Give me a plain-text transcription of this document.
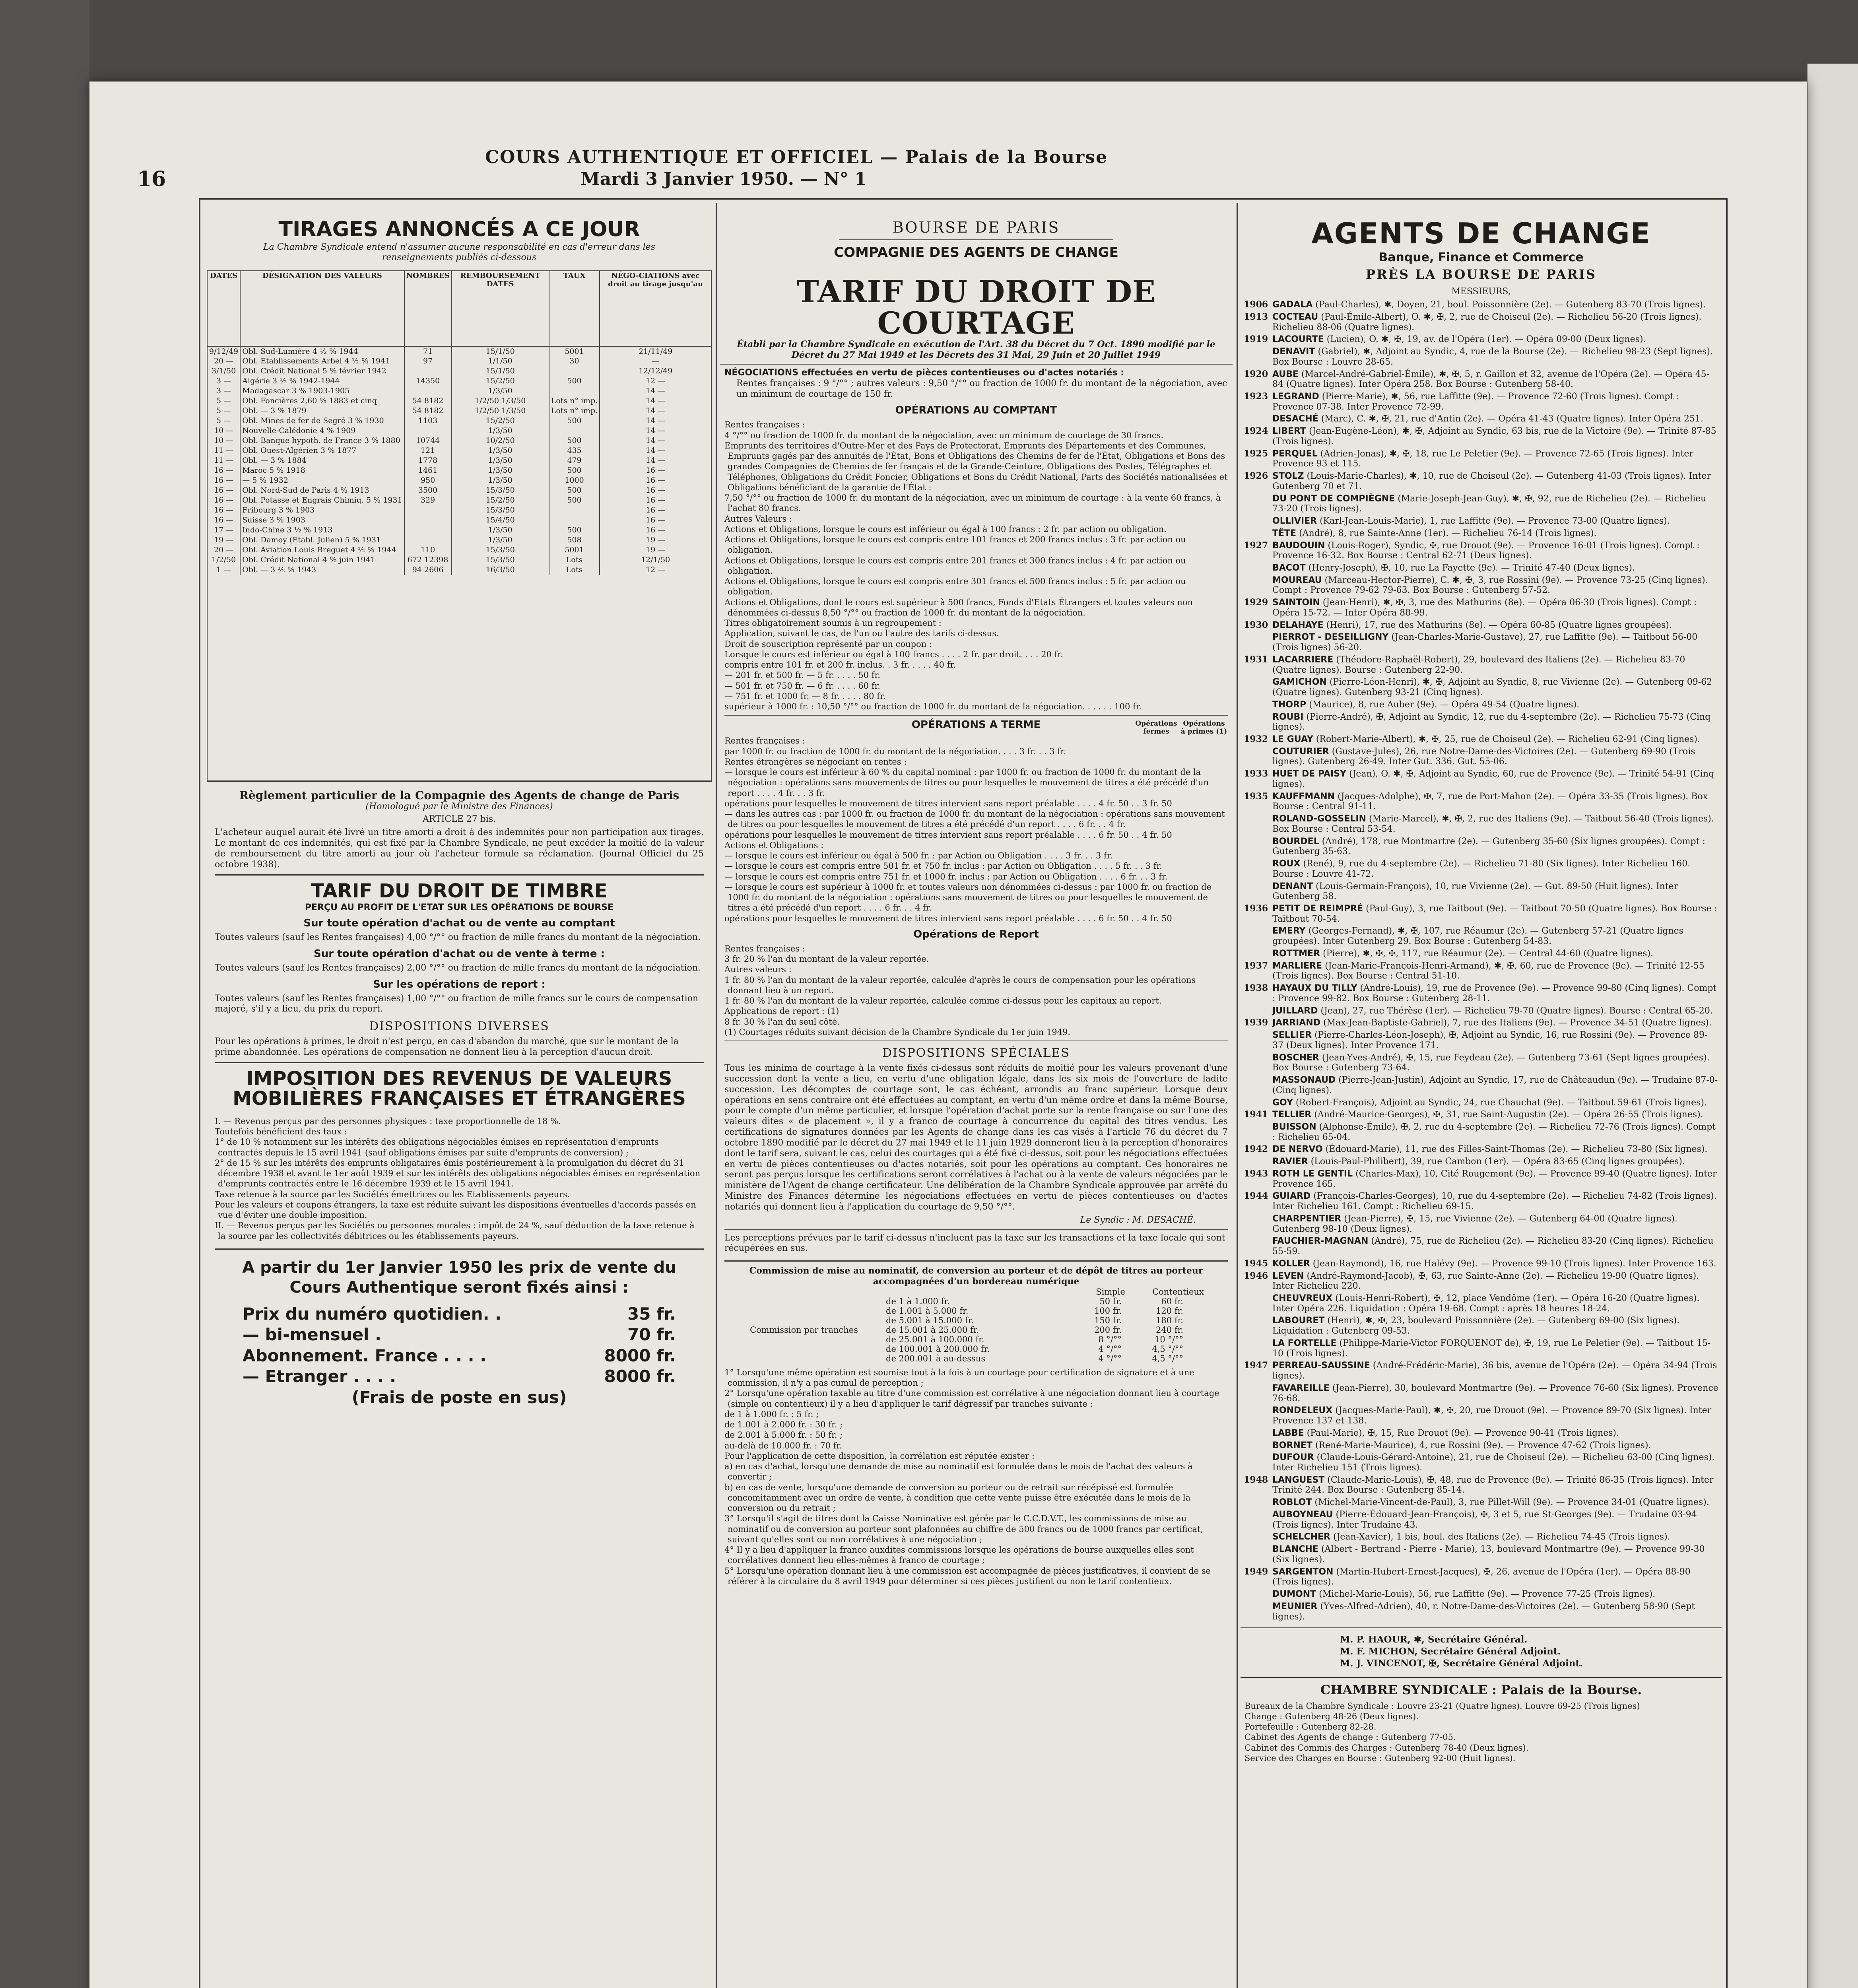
16
COURS AUTHENTIQUE ET OFFICIEL — Palais de la Bourse
Mardi 3 Janvier 1950. — N° 1
TIRAGES ANNONCÉS A CE JOUR
La Chambre Syndicale entend n'assumer aucune responsabilité en cas d'erreur dans les renseignements publiés ci-dessous
DATES	DÉSIGNATION DES VALEURS	NOMBRES	REMBOURSEMENT DATES	TAUX	NÉGO-CIATIONS avec droit au tirage jusqu'au
9/12/49	Obl. Sud-Lumière 4 ½ % 1944	71	15/1/50	5001	21/11/49
20 —	Obl. Etablissements Arbel 4 ½ % 1941	97	1/1/50	30	—
3/1/50	Obl. Crédit National 5 % février 1942		15/1/50		12/12/49
3 —	Algérie 3 ½ % 1942-1944	14350	15/2/50	500	12 —
3 —	Madagascar 3 % 1903-1905		1/3/50		14 —
5 —	Obl. Foncières 2,60 % 1883 et cinq	54 8182	1/2/50 1/3/50	Lots n° imp.	14 —
5 —	Obl. — 3 % 1879	54 8182	1/2/50 1/3/50	Lots n° imp.	14 —
5 —	Obl. Mines de fer de Segré 3 % 1930	1103	15/2/50	500	14 —
10 —	Nouvelle-Calédonie 4 % 1909		1/3/50		14 —
10 —	Obl. Banque hypoth. de France 3 % 1880	10744	10/2/50	500	14 —
11 —	Obl. Ouest-Algérien 3 % 1877	121	1/3/50	435	14 —
11 —	Obl. — 3 % 1884	1778	1/3/50	479	14 —
16 —	Maroc 5 % 1918	1461	1/3/50	500	16 —
16 —	— 5 % 1932	950	1/3/50	1000	16 —
16 —	Obl. Nord-Sud de Paris 4 % 1913	3500	15/3/50	500	16 —
16 —	Obl. Potasse et Engrais Chimiq. 5 % 1931	329	15/2/50	500	16 —
16 —	Fribourg 3 % 1903		15/3/50		16 —
16 —	Suisse 3 % 1903		15/4/50		16 —
17 —	Indo-Chine 3 ½ % 1913		1/3/50	500	16 —
19 —	Obl. Damoy (Etabl. Julien) 5 % 1931		1/3/50	508	19 —
20 —	Obl. Aviation Louis Breguet 4 ½ % 1944	110	15/3/50	5001	19 —
1/2/50	Obl. Crédit National 4 % juin 1941	672 12398	15/3/50	Lots	12/1/50
1 —	Obl. — 3 ½ % 1943	94 2606	16/3/50	Lots	12 —
Règlement particulier de la Compagnie des Agents de change de Paris
(Homologué par le Ministre des Finances)
ARTICLE 27 bis.
L'acheteur auquel aurait été livré un titre amorti a droit à des indemnités pour non participation aux tirages. Le montant de ces indemnités, qui est fixé par la Chambre Syndicale, ne peut excéder la moitié de la valeur de remboursement du titre amorti au jour où l'acheteur formule sa réclamation. (Journal Officiel du 25 octobre 1938).
TARIF DU DROIT DE TIMBRE
PERÇU AU PROFIT DE L'ETAT SUR LES OPÉRATIONS DE BOURSE
Sur toute opération d'achat ou de vente au comptant
Toutes valeurs (sauf les Rentes françaises) 4,00 °/°° ou fraction de mille francs du montant de la négociation.
Sur toute opération d'achat ou de vente à terme :
Toutes valeurs (sauf les Rentes françaises) 2,00 °/°° ou fraction de mille francs du montant de la négociation.
Sur les opérations de report :
Toutes valeurs (sauf les Rentes françaises) 1,00 °/°° ou fraction de mille francs sur le cours de compensation majoré, s'il y a lieu, du prix du report.
DISPOSITIONS DIVERSES
Pour les opérations à primes, le droit n'est perçu, en cas d'abandon du marché, que sur le montant de la prime abandonnée. Les opérations de compensation ne donnent lieu à la perception d'aucun droit.
IMPOSITION DES REVENUS DE VALEURS MOBILIÈRES FRANÇAISES ET ÉTRANGÈRES
I. — Revenus perçus par des personnes physiques : taxe proportionnelle de 18 %.
Toutefois bénéficient des taux :
1° de 10 % notamment sur les intérêts des obligations négociables émises en représentation d'emprunts contractés depuis le 15 avril 1941 (sauf obligations émises par suite d'emprunts de conversion) ;
2° de 15 % sur les intérêts des emprunts obligataires émis postérieurement à la promulgation du décret du 31 décembre 1938 et avant le 1er août 1939 et sur les intérêts des obligations négociables émises en représentation d'emprunts contractés entre le 16 décembre 1939 et le 15 avril 1941.
Taxe retenue à la source par les Sociétés émettrices ou les Etablissements payeurs.
Pour les valeurs et coupons étrangers, la taxe est réduite suivant les dispositions éventuelles d'accords passés en vue d'éviter une double imposition.
II. — Revenus perçus par les Sociétés ou personnes morales : impôt de 24 %, sauf déduction de la taxe retenue à la source par les collectivités débitrices ou les établissements payeurs.
A partir du 1er Janvier 1950 les prix de vente du Cours Authentique seront fixés ainsi :
Prix du numéro quotidien. .	35 fr.
— bi-mensuel .	70 fr.
Abonnement. France . . . .	8000 fr.
— Etranger . . . .	8000 fr.
(Frais de poste en sus)
BOURSE DE PARIS
COMPAGNIE DES AGENTS DE CHANGE
TARIF DU DROIT DE COURTAGE
Établi par la Chambre Syndicale en exécution de l'Art. 38 du Décret du 7 Oct. 1890 modifié par le Décret du 27 Mai 1949 et les Décrets des 31 Mai, 29 Juin et 20 Juillet 1949
NÉGOCIATIONS effectuées en vertu de pièces contentieuses ou d'actes notariés :
Rentes françaises : 9 °/°° ; autres valeurs : 9,50 °/°° ou fraction de 1000 fr. du montant de la négociation, avec un minimum de courtage de 150 fr.
OPÉRATIONS AU COMPTANT
Rentes françaises :
4 °/°° ou fraction de 1000 fr. du montant de la négociation, avec un minimum de courtage de 30 francs.
Emprunts des territoires d'Outre-Mer et des Pays de Protectorat, Emprunts des Départements et des Communes, Emprunts gagés par des annuités de l'État, Bons et Obligations des Chemins de fer de l'État, Obligations et Bons des grandes Compagnies de Chemins de fer français et de la Grande-Ceinture, Obligations des Postes, Télégraphes et Téléphones, Obligations du Crédit Foncier, Obligations et Bons du Crédit National, Parts des Sociétés nationalisées et Obligations bénéficiant de la garantie de l'État :
7,50 °/°° ou fraction de 1000 fr. du montant de la négociation, avec un minimum de courtage : à la vente 60 francs, à l'achat 80 francs.
Autres Valeurs :
Actions et Obligations, lorsque le cours est inférieur ou égal à 100 francs : 2 fr. par action ou obligation.
Actions et Obligations, lorsque le cours est compris entre 101 francs et 200 francs inclus : 3 fr. par action ou obligation.
Actions et Obligations, lorsque le cours est compris entre 201 francs et 300 francs inclus : 4 fr. par action ou obligation.
Actions et Obligations, lorsque le cours est compris entre 301 francs et 500 francs inclus : 5 fr. par action ou obligation.
Actions et Obligations, dont le cours est supérieur à 500 francs, Fonds d'Etats Étrangers et toutes valeurs non dénommées ci-dessus 8,50 °/°° ou fraction de 1000 fr. du montant de la négociation.
Titres obligatoirement soumis à un regroupement :
Application, suivant le cas, de l'un ou l'autre des tarifs ci-dessus.
Droit de souscription représenté par un coupon :
Lorsque le cours est inférieur ou égal à 100 francs . . . . 2 fr. par droit. . . . 20 fr.
compris entre 101 fr. et 200 fr. inclus. . 3 fr. . . . . 40 fr.
— 201 fr. et 500 fr. — 5 fr. . . . . 50 fr.
— 501 fr. et 750 fr. — 6 fr. . . . . 60 fr.
— 751 fr. et 1000 fr. — 8 fr. . . . . 80 fr.
supérieur à 1000 fr. : 10,50 °/°° ou fraction de 1000 fr. du montant de la négociation. . . . . . 100 fr.
OPÉRATIONS A TERME	Opérations fermesOpérations à primes (1)
Rentes françaises :
par 1000 fr. ou fraction de 1000 fr. du montant de la négociation. . . . 3 fr. . . 3 fr.
Rentes étrangères se négociant en rentes :
— lorsque le cours est inférieur à 60 % du capital nominal : par 1000 fr. ou fraction de 1000 fr. du montant de la négociation : opérations sans mouvements de titres ou pour lesquelles le mouvement de titres a été précédé d'un report . . . . 4 fr. . . 3 fr.
opérations pour lesquelles le mouvement de titres intervient sans report préalable . . . . 4 fr. 50 . . 3 fr. 50
— dans les autres cas : par 1000 fr. ou fraction de 1000 fr. du montant de la négociation : opérations sans mouvement de titres ou pour lesquelles le mouvement de titres a été précédé d'un report . . . . 6 fr. . . 4 fr.
opérations pour lesquelles le mouvement de titres intervient sans report préalable . . . . 6 fr. 50 . . 4 fr. 50
Actions et Obligations :
— lorsque le cours est inférieur ou égal à 500 fr. : par Action ou Obligation . . . . 3 fr. . . 3 fr.
— lorsque le cours est compris entre 501 fr. et 750 fr. inclus : par Action ou Obligation . . . . 5 fr. . . 3 fr.
— lorsque le cours est compris entre 751 fr. et 1000 fr. inclus : par Action ou Obligation . . . . 6 fr. . . 3 fr.
— lorsque le cours est supérieur à 1000 fr. et toutes valeurs non dénommées ci-dessus : par 1000 fr. ou fraction de 1000 fr. du montant de la négociation : opérations sans mouvement de titres ou pour lesquelles le mouvement de titres a été précédé d'un report . . . . 6 fr. . . 4 fr.
opérations pour lesquelles le mouvement de titres intervient sans report préalable . . . . 6 fr. 50 . . 4 fr. 50
Opérations de Report
Rentes françaises :
3 fr. 20 % l'an du montant de la valeur reportée.
Autres valeurs :
1 fr. 80 % l'an du montant de la valeur reportée, calculée d'après le cours de compensation pour les opérations donnant lieu à un report.
1 fr. 80 % l'an du montant de la valeur reportée, calculée comme ci-dessus pour les capitaux au report.
Applications de report : (1)
8 fr. 30 % l'an du seul côté.
(1) Courtages réduits suivant décision de la Chambre Syndicale du 1er juin 1949.
DISPOSITIONS SPÉCIALES
Tous les minima de courtage à la vente fixés ci-dessus sont réduits de moitié pour les valeurs provenant d'une succession dont la vente a lieu, en vertu d'une obligation légale, dans les six mois de l'ouverture de ladite succession. Les décomptes de courtage sont, le cas échéant, arrondis au franc supérieur. Lorsque deux opérations en sens contraire ont été effectuées au comptant, en vertu d'un même ordre et dans la même Bourse, pour le compte d'un même particulier, et lorsque l'opération d'achat porte sur la rente française ou sur l'une des valeurs dites « de placement », il y a franco de courtage à concurrence du capital des titres vendus. Les certifications de signatures données par les Agents de change dans les cas visés à l'article 76 du décret du 7 octobre 1890 modifié par le décret du 27 mai 1949 et le 11 juin 1929 donneront lieu à la perception d'honoraires dont le tarif sera, suivant le cas, celui des courtages qui a été fixé ci-dessus, soit pour les négociations effectuées en vertu de pièces contentieuses ou d'actes notariés, soit pour les opérations au comptant. Ces honoraires ne seront pas perçus lorsque les certifications seront corrélatives à l'achat ou à la vente de valeurs négociées par le ministère de l'Agent de change certificateur. Une délibération de la Chambre Syndicale approuvée par arrêté du Ministre des Finances détermine les négociations effectuées en vertu de pièces contentieuses ou d'actes notariés qui donnent lieu à l'application du courtage de 9,50 °/°°.
Le Syndic : M. DESACHÉ.
Les perceptions prévues par le tarif ci-dessus n'incluent pas la taxe sur les transactions et la taxe locale qui sont récupérées en sus.
Commission de mise au nominatif, de conversion au porteur et de dépôt de titres au porteur accompagnées d'un bordereau numérique
Simple	Contentieux
Commission par tranches
de 1 à 1.000 fr.	50 fr.	60 fr.
de 1.001 à 5.000 fr.	100 fr.	120 fr.
de 5.001 à 15.000 fr.	150 fr.	180 fr.
de 15.001 à 25.000 fr.	200 fr.	240 fr.
de 25.001 à 100.000 fr.	8 °/°°	10 °/°°
de 100.001 à 200.000 fr.	4 °/°°	4,5 °/°°
de 200.001 à au-dessus	4 °/°°	4,5 °/°°
1° Lorsqu'une même opération est soumise tout à la fois à un courtage pour certification de signature et à une commission, il n'y a pas cumul de perception ;
2° Lorsqu'une opération taxable au titre d'une commission est corrélative à une négociation donnant lieu à courtage (simple ou contentieux) il y a lieu d'appliquer le tarif dégressif par tranches suivante :
de 1 à 1.000 fr. : 5 fr. ;
de 1.001 à 2.000 fr. : 30 fr. ;
de 2.001 à 5.000 fr. : 50 fr. ;
au-delà de 10.000 fr. : 70 fr.
Pour l'application de cette disposition, la corrélation est réputée exister :
a) en cas d'achat, lorsqu'une demande de mise au nominatif est formulée dans le mois de l'achat des valeurs à convertir ;
b) en cas de vente, lorsqu'une demande de conversion au porteur ou de retrait sur récépissé est formulée concomitamment avec un ordre de vente, à condition que cette vente puisse être exécutée dans le mois de la conversion ou du retrait ;
3° Lorsqu'il s'agit de titres dont la Caisse Nominative est gérée par le C.C.D.V.T., les commissions de mise au nominatif ou de conversion au porteur sont plafonnées au chiffre de 500 francs ou de 1000 francs par certificat, suivant qu'elles sont ou non corrélatives à une négociation ;
4° Il y a lieu d'appliquer la franco auxdites commissions lorsque les opérations de bourse auxquelles elles sont corrélatives donnent lieu elles-mêmes à franco de courtage ;
5° Lorsqu'une opération donnant lieu à une commission est accompagnée de pièces justificatives, il convient de se référer à la circulaire du 8 avril 1949 pour déterminer si ces pièces justifient ou non le tarif contentieux.
AGENTS DE CHANGE
Banque, Finance et Commerce
PRÈS LA BOURSE DE PARIS
MESSIEURS,
1906 GADALA (Paul-Charles), ✱, Doyen, 21, boul. Poissonnière (2e). — Gutenberg 83-70 (Trois lignes).
1913 COCTEAU (Paul-Émile-Albert), O. ✱, ✠, 2, rue de Choiseul (2e). — Richelieu 56-20 (Trois lignes). Richelieu 88-06 (Quatre lignes).
1919 LACOURTE (Lucien), O. ✱, ✠, 19, av. de l'Opéra (1er). — Opéra 09-00 (Deux lignes).
DENAVIT (Gabriel), ✱, Adjoint au Syndic, 4, rue de la Bourse (2e). — Richelieu 98-23 (Sept lignes). Box Bourse : Louvre 28-65.
1920 AUBE (Marcel-André-Gabriel-Émile), ✱, ✠, 5, r. Gaillon et 32, avenue de l'Opéra (2e). — Opéra 45-84 (Quatre lignes). Inter Opéra 258. Box Bourse : Gutenberg 58-40.
1923 LEGRAND (Pierre-Marie), ✱, 56, rue Laffitte (9e). — Provence 72-60 (Trois lignes). Compt : Provence 07-38. Inter Provence 72-99.
DESACHÉ (Marc), C. ✱, ✠, 21, rue d'Antin (2e). — Opéra 41-43 (Quatre lignes). Inter Opéra 251.
1924 LIBERT (Jean-Eugène-Léon), ✱, ✠, Adjoint au Syndic, 63 bis, rue de la Victoire (9e). — Trinité 87-85 (Trois lignes).
1925 PERQUEL (Adrien-Jonas), ✱, ✠, 18, rue Le Peletier (9e). — Provence 72-65 (Trois lignes). Inter Provence 93 et 115.
1926 STOLZ (Louis-Marie-Charles), ✱, 10, rue de Choiseul (2e). — Gutenberg 41-03 (Trois lignes). Inter Gutenberg 70 et 71.
DU PONT DE COMPIÈGNE (Marie-Joseph-Jean-Guy), ✱, ✠, 92, rue de Richelieu (2e). — Richelieu 73-20 (Trois lignes).
OLLIVIER (Karl-Jean-Louis-Marie), 1, rue Laffitte (9e). — Provence 73-00 (Quatre lignes).
TÊTE (André), 8, rue Sainte-Anne (1er). — Richelieu 76-14 (Trois lignes).
1927 BAUDOUIN (Louis-Roger), Syndic, ✠, rue Drouot (9e). — Provence 16-01 (Trois lignes). Compt : Provence 16-32. Box Bourse : Central 62-71 (Deux lignes).
BACOT (Henry-Joseph), ✠, 10, rue La Fayette (9e). — Trinité 47-40 (Deux lignes).
MOUREAU (Marceau-Hector-Pierre), C. ✱, ✠, 3, rue Rossini (9e). — Provence 73-25 (Cinq lignes). Compt : Provence 79-62 79-63. Box Bourse : Gutenberg 57-52.
1929 SAINTOIN (Jean-Henri), ✱, ✠, 3, rue des Mathurins (8e). — Opéra 06-30 (Trois lignes). Compt : Opéra 15-72. — Inter Opéra 88-99.
1930 DELAHAYE (Henri), 17, rue des Mathurins (8e). — Opéra 60-85 (Quatre lignes groupées).
PIERROT - DESEILLIGNY (Jean-Charles-Marie-Gustave), 27, rue Laffitte (9e). — Taitbout 56-00 (Trois lignes) 56-20.
1931 LACARRIERE (Théodore-Raphaël-Robert), 29, boulevard des Italiens (2e). — Richelieu 83-70 (Quatre lignes). Bourse : Gutenberg 22-90.
GAMICHON (Pierre-Léon-Henri), ✱, ✠, Adjoint au Syndic, 8, rue Vivienne (2e). — Gutenberg 09-62 (Quatre lignes). Gutenberg 93-21 (Cinq lignes).
THORP (Maurice), 8, rue Auber (9e). — Opéra 49-54 (Quatre lignes).
ROUBI (Pierre-André), ✠, Adjoint au Syndic, 12, rue du 4-septembre (2e). — Richelieu 75-73 (Cinq lignes).
1932 LE GUAY (Robert-Marie-Albert), ✱, ✠, 25, rue de Choiseul (2e). — Richelieu 62-91 (Cinq lignes).
COUTURIER (Gustave-Jules), 26, rue Notre-Dame-des-Victoires (2e). — Gutenberg 69-90 (Trois lignes). Gutenberg 26-49. Inter Gut. 336. Gut. 55-06.
1933 HUET DE PAISY (Jean), O. ✱, ✠, Adjoint au Syndic, 60, rue de Provence (9e). — Trinité 54-91 (Cinq lignes).
1935 KAUFFMANN (Jacques-Adolphe), ✠, 7, rue de Port-Mahon (2e). — Opéra 33-35 (Trois lignes). Box Bourse : Central 91-11.
ROLAND-GOSSELIN (Marie-Marcel), ✱, ✠, 2, rue des Italiens (9e). — Taitbout 56-40 (Trois lignes). Box Bourse : Central 53-54.
BOURDEL (André), 178, rue Montmartre (2e). — Gutenberg 35-60 (Six lignes groupées). Compt : Gutenberg 35-63.
ROUX (René), 9, rue du 4-septembre (2e). — Richelieu 71-80 (Six lignes). Inter Richelieu 160. Bourse : Louvre 41-72.
DENANT (Louis-Germain-François), 10, rue Vivienne (2e). — Gut. 89-50 (Huit lignes). Inter Gutenberg 58.
1936 PETIT DE REIMPRÉ (Paul-Guy), 3, rue Taitbout (9e). — Taitbout 70-50 (Quatre lignes). Box Bourse : Taitbout 70-54.
EMERY (Georges-Fernand), ✱, ✠, 107, rue Réaumur (2e). — Gutenberg 57-21 (Quatre lignes groupées). Inter Gutenberg 29. Box Bourse : Gutenberg 54-83.
ROTTMER (Pierre), ✱, ✠, ✠, 117, rue Réaumur (2e). — Central 44-60 (Quatre lignes).
1937 MARLIERE (Jean-Marie-François-Henri-Armand), ✱, ✠, 60, rue de Provence (9e). — Trinité 12-55 (Trois lignes). Box Bourse : Central 51-10.
1938 HAYAUX DU TILLY (André-Louis), 19, rue de Provence (9e). — Provence 99-80 (Cinq lignes). Compt : Provence 99-82. Box Bourse : Gutenberg 28-11.
JUILLARD (Jean), 27, rue Thérèse (1er). — Richelieu 79-70 (Quatre lignes). Bourse : Central 65-20.
1939 JARRIAND (Max-Jean-Baptiste-Gabriel), 7, rue des Italiens (9e). — Provence 34-51 (Quatre lignes).
SELLIER (Pierre-Charles-Léon-Joseph), ✠, Adjoint au Syndic, 16, rue Rossini (9e). — Provence 89-37 (Deux lignes). Inter Provence 171.
BOSCHER (Jean-Yves-André), ✠, 15, rue Feydeau (2e). — Gutenberg 73-61 (Sept lignes groupées). Box Bourse : Gutenberg 73-64.
MASSONAUD (Pierre-Jean-Justin), Adjoint au Syndic, 17, rue de Châteaudun (9e). — Trudaine 87-0- (Cinq lignes).
GOY (Robert-François), Adjoint au Syndic, 24, rue Chauchat (9e). — Taitbout 59-61 (Trois lignes).
1941 TELLIER (André-Maurice-Georges), ✠, 31, rue Saint-Augustin (2e). — Opéra 26-55 (Trois lignes).
BUISSON (Alphonse-Émile), ✠, 2, rue du 4-septembre (2e). — Richelieu 72-76 (Trois lignes). Compt : Richelieu 65-04.
1942 DE NERVO (Édouard-Marie), 11, rue des Filles-Saint-Thomas (2e). — Richelieu 73-80 (Six lignes).
RAVIER (Louis-Paul-Philibert), 39, rue Cambon (1er). — Opéra 83-65 (Cinq lignes groupées).
1943 ROTH LE GENTIL (Charles-Max), 10, Cité Rougemont (9e). — Provence 99-40 (Quatre lignes). Inter Provence 165.
1944 GUIARD (François-Charles-Georges), 10, rue du 4-septembre (2e). — Richelieu 74-82 (Trois lignes). Inter Richelieu 161. Compt : Richelieu 69-15.
CHARPENTIER (Jean-Pierre), ✠, 15, rue Vivienne (2e). — Gutenberg 64-00 (Quatre lignes). Gutenberg 98-10 (Deux lignes).
FAUCHIER-MAGNAN (André), 75, rue de Richelieu (2e). — Richelieu 83-20 (Cinq lignes). Richelieu 55-59.
1945 KOLLER (Jean-Raymond), 16, rue Halévy (9e). — Provence 99-10 (Trois lignes). Inter Provence 163.
1946 LEVEN (André-Raymond-Jacob), ✠, 63, rue Sainte-Anne (2e). — Richelieu 19-90 (Quatre lignes). Inter Richelieu 220.
CHEUVREUX (Louis-Henri-Robert), ✠, 12, place Vendôme (1er). — Opéra 16-20 (Quatre lignes). Inter Opéra 226. Liquidation : Opéra 19-68. Compt : après 18 heures 18-24.
LABOURET (Henri), ✱, ✠, 23, boulevard Poissonnière (2e). — Gutenberg 69-00 (Six lignes). Liquidation : Gutenberg 09-53.
LA FORTELLE (Philippe-Marie-Victor FORQUENOT de), ✠, 19, rue Le Peletier (9e). — Taitbout 15-10 (Trois lignes).
1947 PERREAU-SAUSSINE (André-Frédéric-Marie), 36 bis, avenue de l'Opéra (2e). — Opéra 34-94 (Trois lignes).
FAVAREILLE (Jean-Pierre), 30, boulevard Montmartre (9e). — Provence 76-60 (Six lignes). Provence 76-68.
RONDELEUX (Jacques-Marie-Paul), ✱, ✠, 20, rue Drouot (9e). — Provence 89-70 (Six lignes). Inter Provence 137 et 138.
LABBE (Paul-Marie), ✠, 15, Rue Drouot (9e). — Provence 90-41 (Trois lignes).
BORNET (René-Marie-Maurice), 4, rue Rossini (9e). — Provence 47-62 (Trois lignes).
DUFOUR (Claude-Louis-Gérard-Antoine), 21, rue de Choiseul (2e). — Richelieu 63-00 (Cinq lignes). Inter Richelieu 151 (Trois lignes).
1948 LANGUEST (Claude-Marie-Louis), ✠, 48, rue de Provence (9e). — Trinité 86-35 (Trois lignes). Inter Trinité 244. Box Bourse : Gutenberg 85-14.
ROBLOT (Michel-Marie-Vincent-de-Paul), 3, rue Pillet-Will (9e). — Provence 34-01 (Quatre lignes).
AUBOYNEAU (Pierre-Édouard-Jean-François), ✠, 3 et 5, rue St-Georges (9e). — Trudaine 03-94 (Trois lignes). Inter Trudaine 43.
SCHELCHER (Jean-Xavier), 1 bis, boul. des Italiens (2e). — Richelieu 74-45 (Trois lignes).
BLANCHE (Albert - Bertrand - Pierre - Marie), 13, boulevard Montmartre (9e). — Provence 99-30 (Six lignes).
1949 SARGENTON (Martin-Hubert-Ernest-Jacques), ✠, 26, avenue de l'Opéra (1er). — Opéra 88-90 (Trois lignes).
DUMONT (Michel-Marie-Louis), 56, rue Laffitte (9e). — Provence 77-25 (Trois lignes).
MEUNIER (Yves-Alfred-Adrien), 40, r. Notre-Dame-des-Victoires (2e). — Gutenberg 58-90 (Sept lignes).
M. P. HAOUR, ✱, Secrétaire Général.
M. F. MICHON, Secrétaire Général Adjoint.
M. J. VINCENOT, ✠, Secrétaire Général Adjoint.
CHAMBRE SYNDICALE : Palais de la Bourse.
Bureaux de la Chambre Syndicale : Louvre 23-21 (Quatre lignes). Louvre 69-25 (Trois lignes)
Change : Gutenberg 48-26 (Deux lignes).
Portefeuille : Gutenberg 82-28.
Cabinet des Agents de change : Gutenberg 77-05.
Cabinet des Commis des Charges : Gutenberg 78-40 (Deux lignes).
Service des Charges en Bourse : Gutenberg 92-00 (Huit lignes).
